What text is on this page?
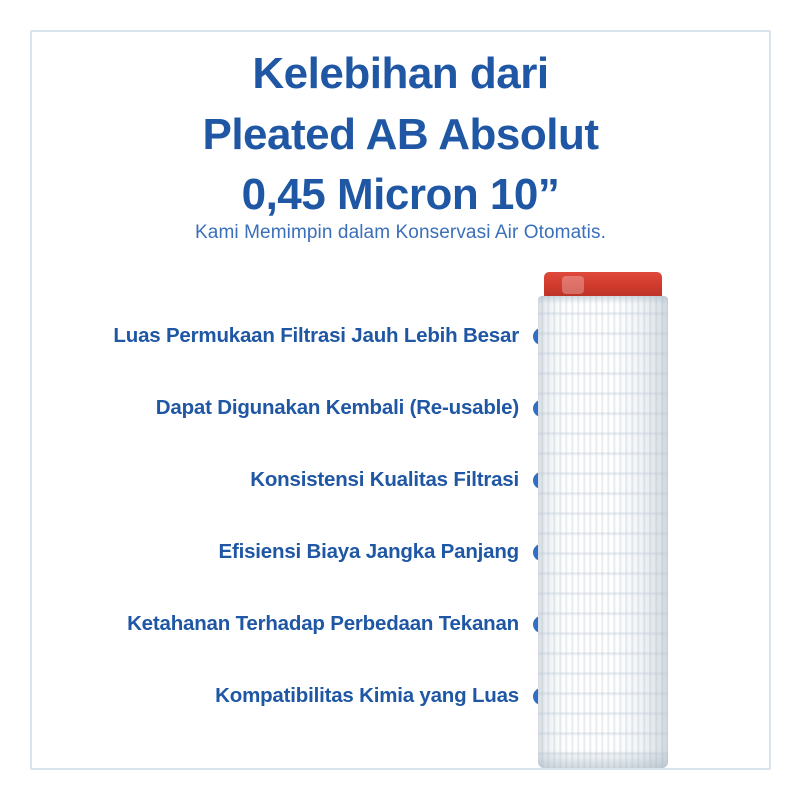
Kelebihan dari
Pleated AB Absolut
0,45 Micron 10”
Kami Memimpin dalam Konservasi Air Otomatis.
Luas Permukaan Filtrasi Jauh Lebih Besar
Dapat Digunakan Kembali (Re-usable)
Konsistensi Kualitas Filtrasi
Efisiensi Biaya Jangka Panjang
Ketahanan Terhadap Perbedaan Tekanan
Kompatibilitas Kimia yang Luas
